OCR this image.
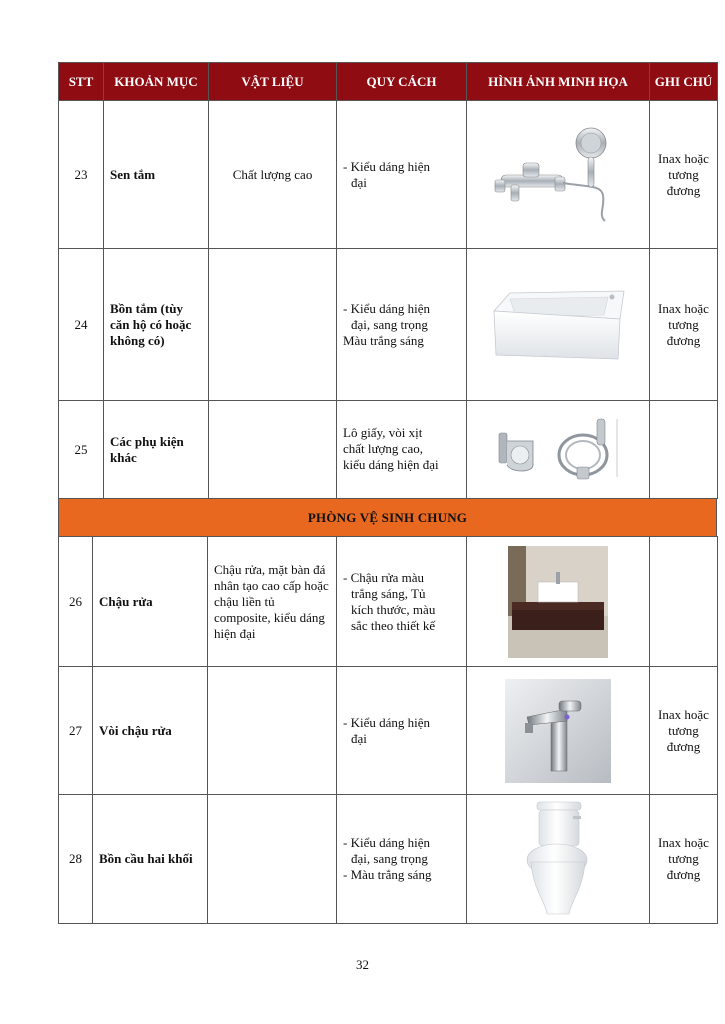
STT	KHOẢN MỤC	VẬT LIỆU	QUY CÁCH	HÌNH ẢNH MINH HỌA	GHI CHÚ
23	Sen tắm	Chất lượng cao	- Kiểu dáng hiện
đại		Inax hoặc tương đương
24	Bồn tắm (tùy căn hộ có hoặc không có)		- Kiểu dáng hiện
đại, sang trọng
Màu trắng sáng		Inax hoặc tương đương
25	Các phụ kiện khác		Lô giấy, vòi xịt
chất lượng cao,
kiểu dáng hiện đại

PHÒNG VỆ SINH CHUNG
26	Chậu rửa	Chậu rửa, mặt bàn đá nhân tạo cao cấp hoặc chậu liền tủ composite, kiểu dáng hiện đại	- Chậu rửa màu
trắng sáng, Tủ
kích thước, màu
sắc theo thiết kế

27	Vòi chậu rửa		- Kiểu dáng hiện
đại		Inax hoặc tương đương
28	Bồn cầu hai khối		- Kiểu dáng hiện
đại, sang trọng
- Màu trắng sáng		Inax hoặc tương đương
32
